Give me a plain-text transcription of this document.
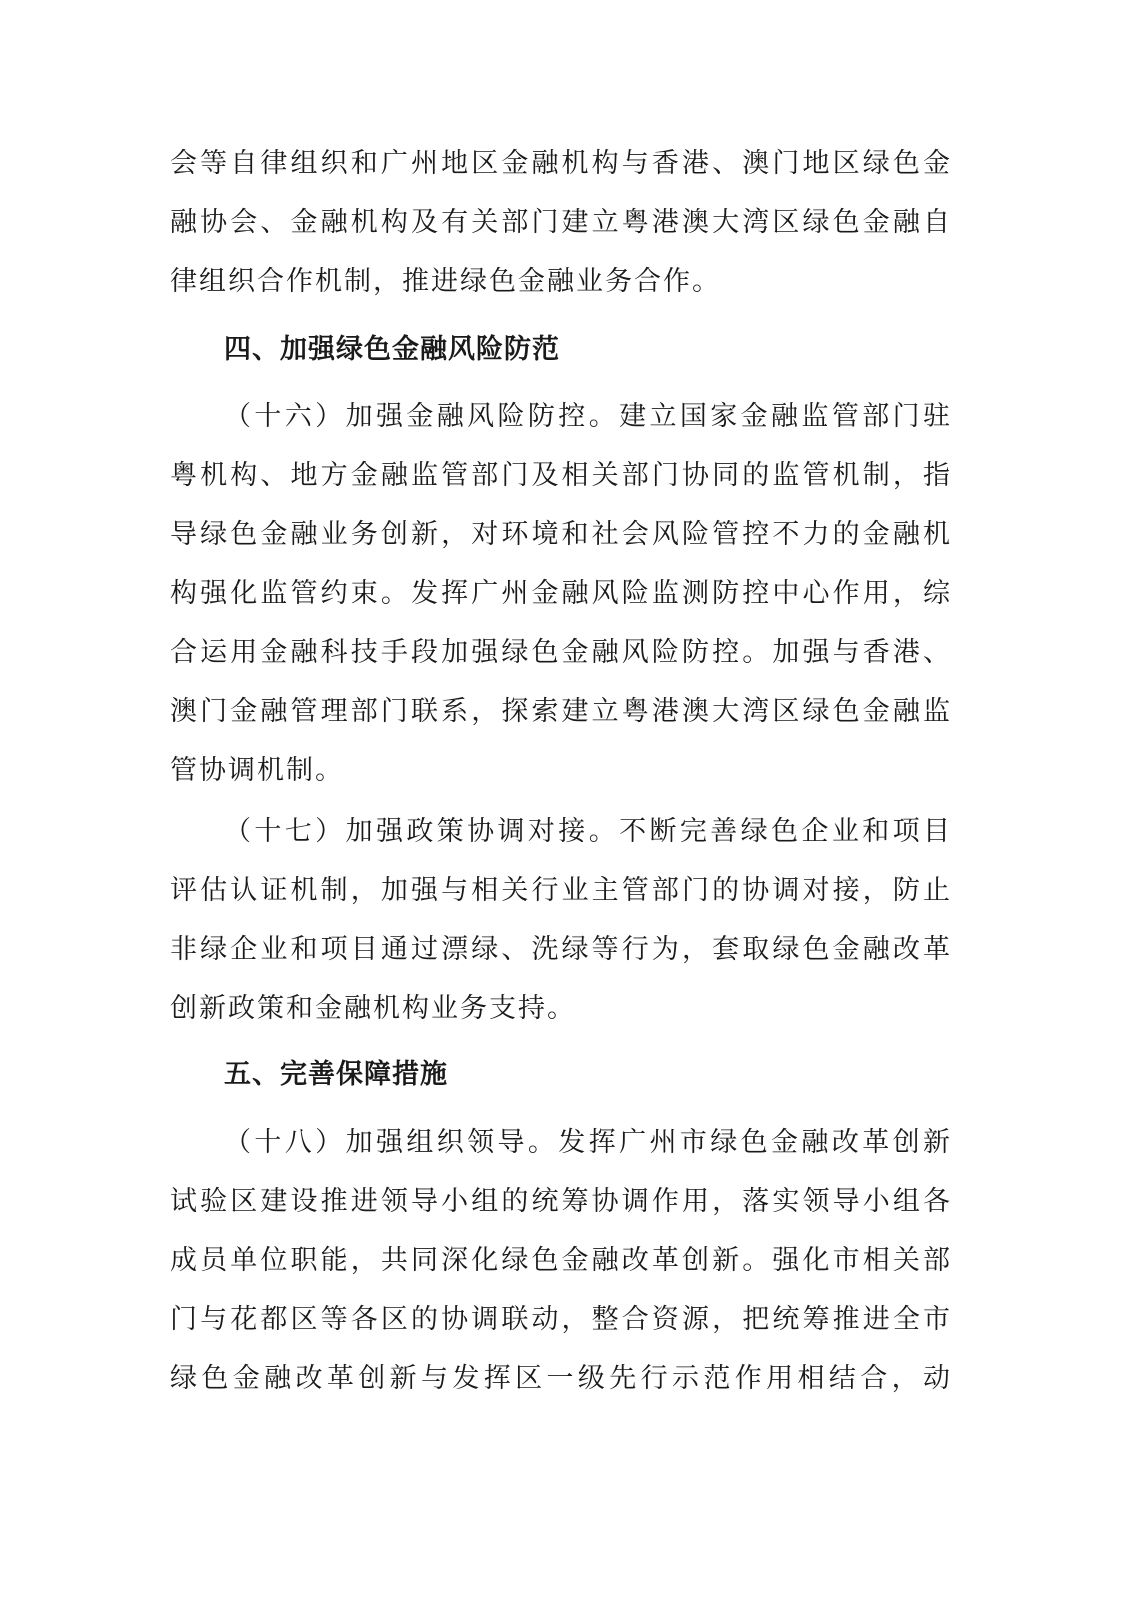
会等自律组织和广州地区金融机构与香港、澳门地区绿色金
融协会、金融机构及有关部门建立粤港澳大湾区绿色金融自
律组织合作机制，推进绿色金融业务合作。
四、加强绿色金融风险防范
（十六）加强金融风险防控。建立国家金融监管部门驻
粤机构、地方金融监管部门及相关部门协同的监管机制，指
导绿色金融业务创新，对环境和社会风险管控不力的金融机
构强化监管约束。发挥广州金融风险监测防控中心作用，综
合运用金融科技手段加强绿色金融风险防控。加强与香港、
澳门金融管理部门联系，探索建立粤港澳大湾区绿色金融监
管协调机制。
（十七）加强政策协调对接。不断完善绿色企业和项目
评估认证机制，加强与相关行业主管部门的协调对接，防止
非绿企业和项目通过漂绿、洗绿等行为，套取绿色金融改革
创新政策和金融机构业务支持。
五、完善保障措施
（十八）加强组织领导。发挥广州市绿色金融改革创新
试验区建设推进领导小组的统筹协调作用，落实领导小组各
成员单位职能，共同深化绿色金融改革创新。强化市相关部
门与花都区等各区的协调联动，整合资源，把统筹推进全市
绿色金融改革创新与发挥区一级先行示范作用相结合，动
